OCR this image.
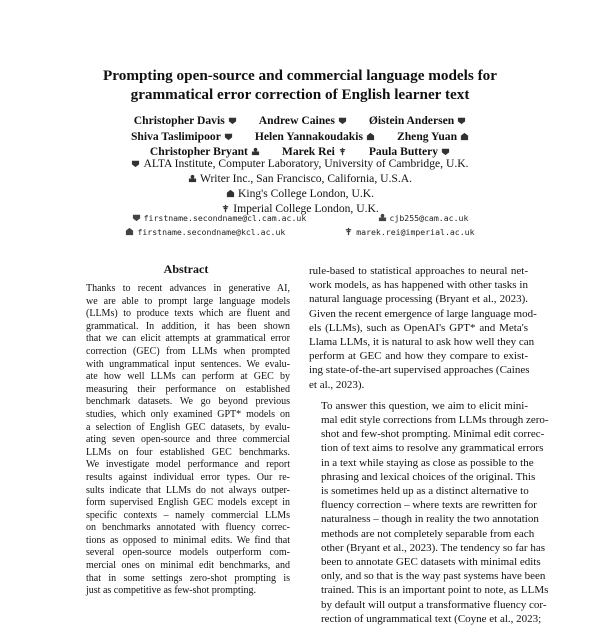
Prompting open-source and commercial language models for
grammatical error correction of English learner text
Christopher Davis	Andrew Caines	Øistein Andersen
Shiva Taslimipoor	Helen Yannakoudakis	Zheng Yuan
Christopher Bryant	Marek Rei	Paula Buttery
ALTA Institute, Computer Laboratory, University of Cambridge, U.K.
Writer Inc., San Francisco, California, U.S.A.
King's College London, U.K.
Imperial College London, U.K.
firstname.secondname@cl.cam.ac.uk	cjb255@cam.ac.uk
firstname.secondname@kcl.ac.uk	marek.rei@imperial.ac.uk
Abstract
Thanks to recent advances in generative AI,
we are able to prompt large language models
(LLMs) to produce texts which are fluent and
grammatical. In addition, it has been shown
that we can elicit attempts at grammatical error
correction (GEC) from LLMs when prompted
with ungrammatical input sentences. We evalu-
ate how well LLMs can perform at GEC by
measuring their performance on established
benchmark datasets. We go beyond previous
studies, which only examined GPT* models on
a selection of English GEC datasets, by evalu-
ating seven open-source and three commercial
LLMs on four established GEC benchmarks.
We investigate model performance and report
results against individual error types. Our re-
sults indicate that LLMs do not always outper-
form supervised English GEC models except in
specific contexts – namely commercial LLMs
on benchmarks annotated with fluency correc-
tions as opposed to minimal edits. We find that
several open-source models outperform com-
mercial ones on minimal edit benchmarks, and
that in some settings zero-shot prompting is
just as competitive as few-shot prompting.

rule-based to statistical approaches to neural net-
work models, as has happened with other tasks in
natural language processing (Bryant et al., 2023).
Given the recent emergence of large language mod-
els (LLMs), such as OpenAI's GPT* and Meta's
Llama LLMs, it is natural to ask how well they can
perform at GEC and how they compare to exist-
ing state-of-the-art supervised approaches (Caines
et al., 2023).

To answer this question, we aim to elicit mini-
mal edit style corrections from LLMs through zero-
shot and few-shot prompting. Minimal edit correc-
tion of text aims to resolve any grammatical errors
in a text while staying as close as possible to the
phrasing and lexical choices of the original. This
is sometimes held up as a distinct alternative to
fluency correction – where texts are rewritten for
naturalness – though in reality the two annotation
methods are not completely separable from each
other (Bryant et al., 2023). The tendency so far has
been to annotate GEC datasets with minimal edits
only, and so that is the way past systems have been
trained. This is an important point to note, as LLMs
by default will output a transformative fluency cor-
rection of ungrammatical text (Coyne et al., 2023;
